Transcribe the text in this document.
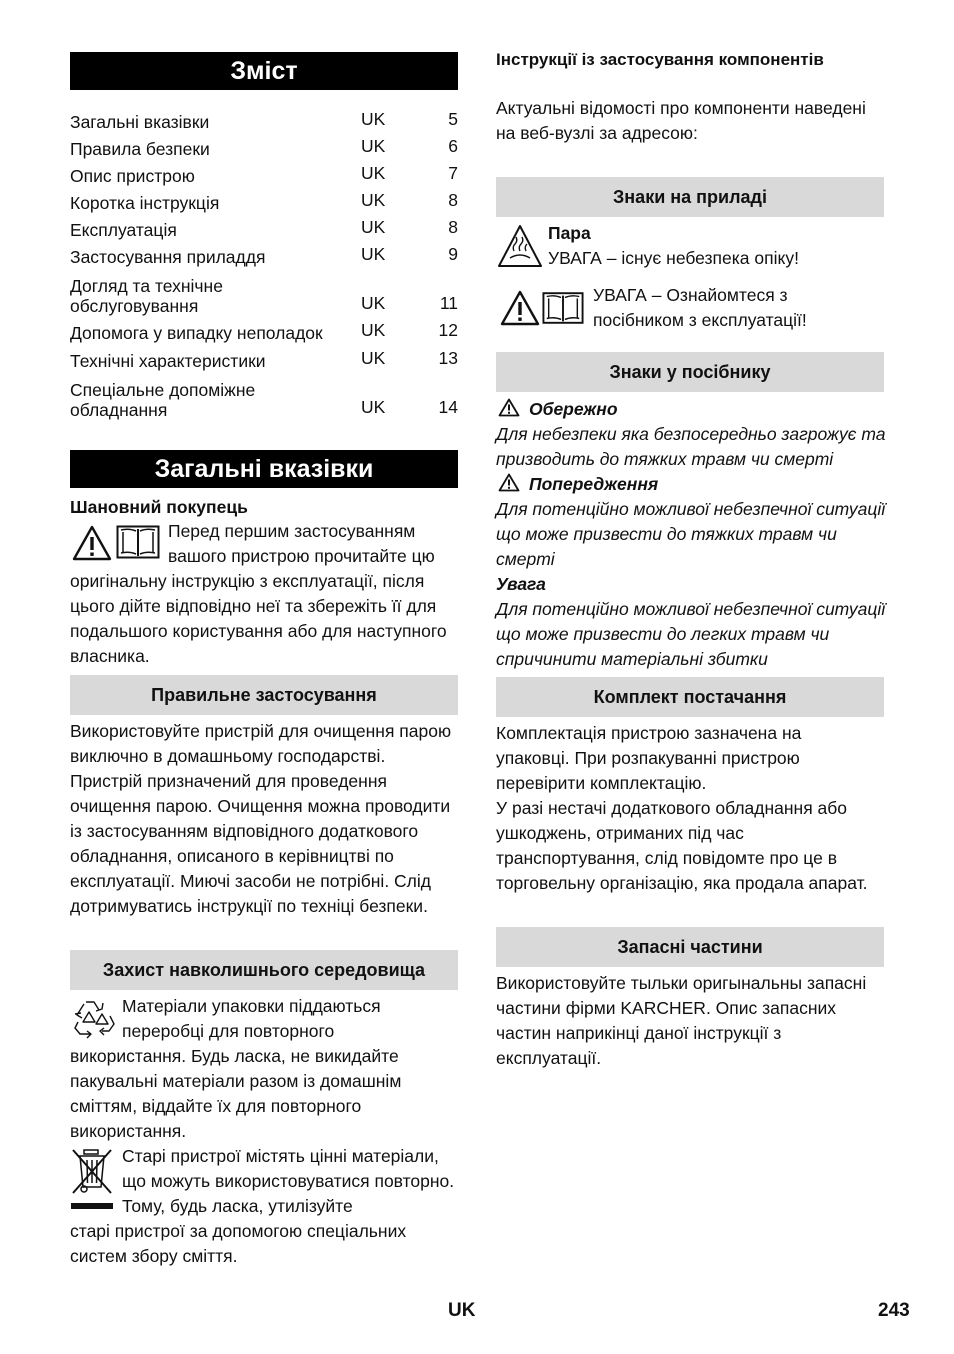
Зміст
Загальні вказівки	UK	5
Правила безпеки	UK	6
Опис пристрою	UK	7
Коротка інструкція	UK	8
Експлуатація	UK	8
Застосування приладдя	UK	9
Догляд та технічне обслуговування	UK	11
Допомога у випадку неполадок	UK	12
Технічні характеристики	UK	13
Спеціальне допоміжне обладнання	UK	14
Загальні вказівки
Шановний покупець
Перед першим застосуванням вашого пристрою прочитайте цю
оригінальну інструкцію з експлуатації, після цього дійте відповідно неї та збережіть її для подальшого користування або для наступного власника.
Правильне застосування
Використовуйте пристрій для очищення парою виключно в домашньому господарстві. Пристрій призначений для проведення очищення парою. Очищення можна проводити із застосуванням відповідного додаткового обладнання, описаного в керівництві по експлуатації. Миючі засоби не потрібні. Слід дотримуватись інструкції по техніці безпеки.
Захист навколишнього середовища
Матеріали упаковки піддаються переробці для повторного
використання. Будь ласка, не викидайте пакувальні матеріали разом із домашнім сміттям, віддайте їх для повторного використання.
Старі пристрої містять цінні матеріали, що можуть використовуватися повторно. Тому, будь ласка, утилізуйте
старі пристрої за допомогою спеціальних систем збору сміття.
Інструкції із застосування компонентів
Актуальні відомості про компоненти наведені на веб-вузлі за адресою:
Знаки на приладі
Пара
УВАГА – існує небезпека опіку!
УВАГА – Ознайомтеся з посібником з експлуатації!
Знаки у посібнику
Обережно
Для небезпеки яка безпосередньо загрожує та призводить до тяжких травм чи смерті
Попередження
Для потенційно можливої небезпечної ситуації що може призвести до тяжких травм чи смерті
Увага
Для потенційно можливої небезпечної ситуації що може призвести до легких травм чи спричинити матеріальні збитки
Комплект постачання
Комплектація пристрою зазначена на упаковці. При розпакуванні пристрою перевірити комплектацію.
У разі нестачі додаткового обладнання або ушкоджень, отриманих під час транспортування, слід повідомте про це в торговельну організацію, яка продала апарат.
Запасні частини
Використовуйте тыльки оригынальны запасні частини фірми KARCHER. Опис запасних частин наприкінці даної інструкції з експлуатації.
UK	243
